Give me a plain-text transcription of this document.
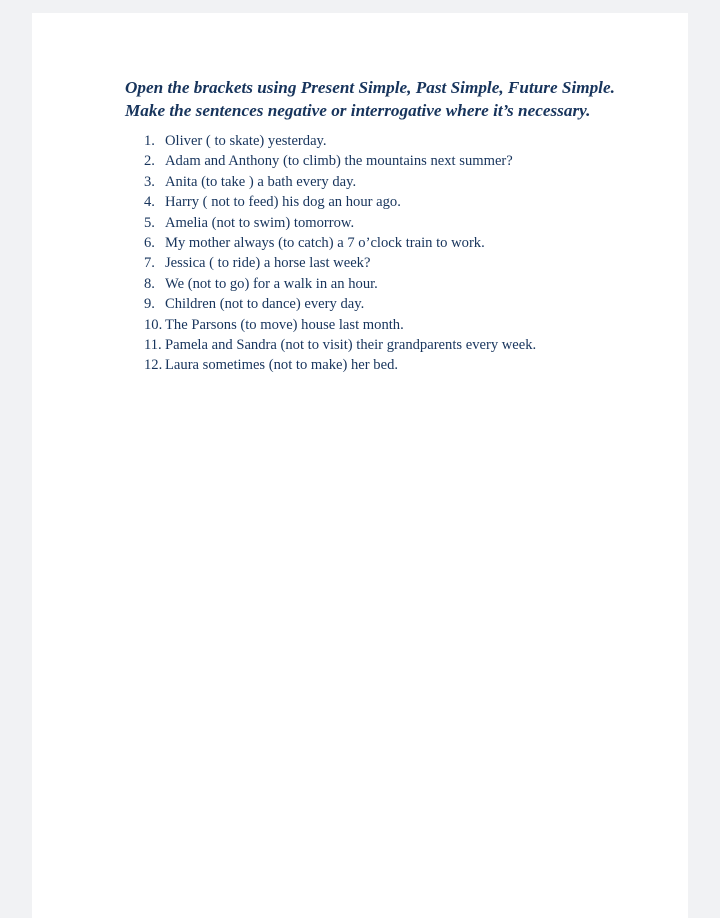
Open the brackets using Present Simple, Past Simple, Future Simple.
Make the sentences negative or interrogative where it’s necessary.
1. Oliver ( to skate) yesterday.
2. Adam and Anthony (to climb) the mountains next summer?
3. Anita (to take ) a bath every day.
4. Harry ( not to feed) his dog an hour ago.
5. Amelia (not to swim) tomorrow.
6. My mother always (to catch) a 7 o’clock train to work.
7. Jessica ( to ride) a horse last week?
8. We (not to go) for a walk in an hour.
9. Children (not to dance) every day.
10. The Parsons (to move) house last month.
11. Pamela and Sandra (not to visit) their grandparents every week.
12. Laura sometimes (not to make) her bed.
